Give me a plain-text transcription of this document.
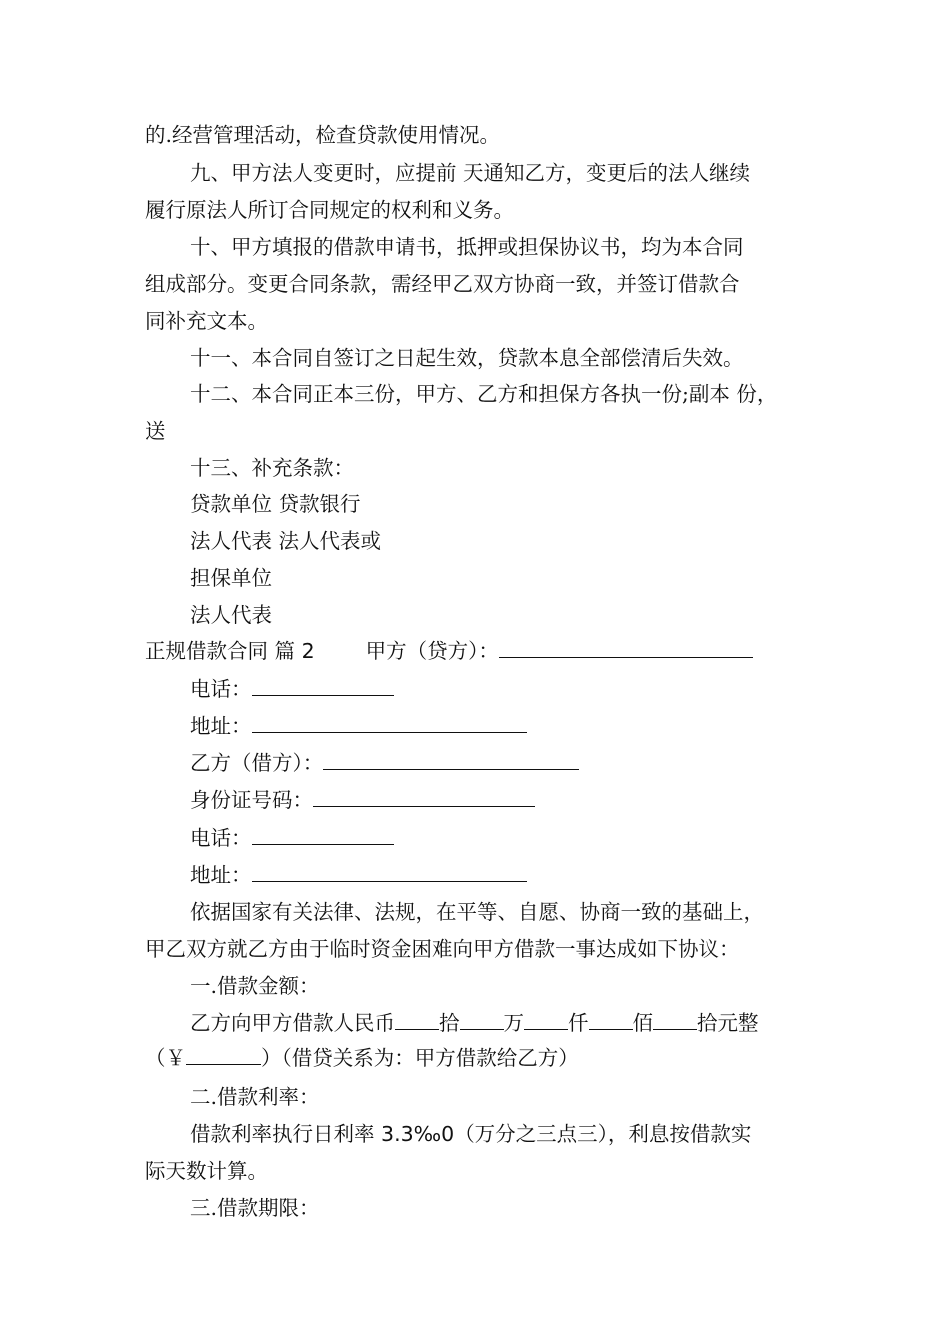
的.经营管理活动，检查贷款使用情况。
九、甲方法人变更时，应提前 天通知乙方，变更后的法人继续
履行原法人所订合同规定的权利和义务。
十、甲方填报的借款申请书，抵押或担保协议书，均为本合同
组成部分。变更合同条款，需经甲乙双方协商一致，并签订借款合
同补充文本。
十一、本合同自签订之日起生效，贷款本息全部偿清后失效。
十二、本合同正本三份，甲方、乙方和担保方各执一份;副本 份，
送
十三、补充条款：
贷款单位 贷款银行
法人代表 法人代表或
担保单位
法人代表
正规借款合同 篇 2 甲方（贷方）：
电话：
地址：
乙方（借方）：
身份证号码：
电话：
地址：
依据国家有关法律、法规，在平等、自愿、协商一致的基础上，
甲乙双方就乙方由于临时资金困难向甲方借款一事达成如下协议：
一.借款金额：
乙方向甲方借款人民币 拾 万 仟 佰 拾元整
（￥	）（借贷关系为：甲方借款给乙方）
二.借款利率：
借款利率执行日利率 3.3‰0（万分之三点三），利息按借款实
际天数计算。
三.借款期限：
